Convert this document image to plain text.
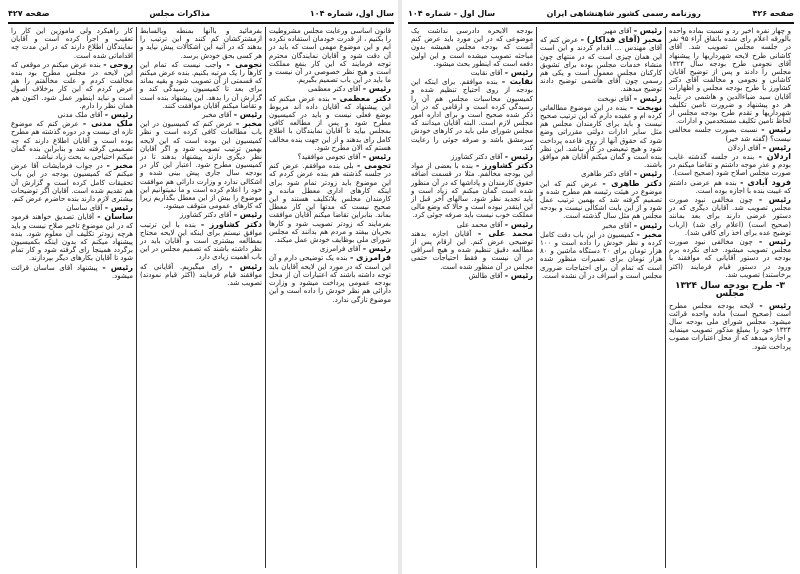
صفحه ۴۲۷	مذاکرات مجلس	سال اول، شماره ۱۰۴

قانون اساسی ورعایت مجلس مشروطیت را بکنیم ، از قدرت خودمان استفاده نکرده ایم و این موضوع مهمی است که باید در آن دقت شود و آقایان نمایندگان محترم توجه فرمایند که این کار بنفع مملکت است و هیچ نظر خصوصی در آن نیست و ما باید در این باب تصمیم بگیریم.

رئیس - آقای دکتر معظمی

دکتر معظمی - بنده عرض میکنم که این پیشنهاد که آقایان داده اند مربوط بوضع فعلی نیست و باید در کمیسیون مطرح شود و پس از مطالعه کافی بمجلس بیاید تا آقایان نمایندگان با اطلاع کامل رای بدهند و از این جهت بنده مخالف هستم که الان مطرح شود.

رئیس - آقای تجومی موافقید؟

تجومی - بلی بنده موافقم. عرض کنم در جلسه گذشته هم بنده عرض کردم که این موضوع باید زودتر تمام شود برای اینکه کارهای اداری معطل مانده و کارمندان مجلس بلاتکلیف هستند و این صحیح نیست که مدتها این کار معطل بماند. بنابراین تقاضا میکنم آقایان موافقت بفرمایند که زودتر تصویب شود و کارها بجریان بیفتد و مردم هم بدانند که مجلس شورای ملی بوظایف خودش عمل میکند.

رئیس - آقای فرامرزی

فرامرزی - بنده یک توضیحی دارم و آن این است که در مورد این لایحه آقایان باید توجه داشته باشند که اعتبارات آن از محل بودجه عمومی پرداخت میشود و وزارت دارائی هم نظر خودش را داده است و این موضوع تازگی ندارد.

بفرمائید و باآنها بمنطه وبالسابط ازمشترکشان کم کنند و این ترتیب را بدهند که در آتیه این اشکالات پیش نیاید و هر کسی بحق خودش برسد.

نجومی - واجب نیست که تمام این کارها را یک مرتبه بکنیم. بنده عرض میکنم که قسمتی از آن تصویب شود و بقیه بماند برای بعد تا کمیسیون رسیدگی کند و گزارش آن را بدهد. این پیشنهاد بنده است و تقاضا میکنم آقایان موافقت کنند.

رئیس - آقای مخبر

مخبر - عرض کنم که کمیسیون در این باب مطالعات کافی کرده است و نظر کمیسیون این بوده است که این لایحه بهمین ترتیب تصویب شود و اگر آقایان نظر دیگری دارند پیشنهاد بدهند تا در کمیسیون مطرح شود. اعتبار این کار در بودجه سال جاری پیش بینی شده و اشکالی ندارد و وزارت دارائی هم موافقت خود را اعلام کرده است و ما نمیتوانیم این موضوع را بیش از این معطل بگذاریم زیرا که کارهای عمومی متوقف میشود.

رئیس - آقای دکتر کشاورز

دکتر کشاورز - بنده با این ترتیب موافق نیستم برای اینکه این لایحه محتاج بمطالعه بیشتری است و آقایان باید در نظر داشته باشند که تصمیم مجلس در این باب اهمیت زیادی دارد.

رئیس - رای میگیریم. آقایانی که موافقند قیام فرمایند (اکثر قیام نمودند) تصویب شد.

کار راهبکرد ولی ماموزین این کار را تعقیب و اجرا کرده است و آقایان نمایندگان اطلاع دارند که در این مدت چه اقداماتی شده است.

روحی - بنده عرض میکنم در موقعی که این لایحه در مجلس مطرح بود بنده مخالفت کردم و علت مخالفتم را هم عرض کردم که این کار برخلاف اصول است و نباید اینطور عمل شود. اکنون هم همان نظر را دارم.

رئیس - آقای ملک مدنی

ملک مدنی - عرض کنم که موضوع تازه ای نیست و در دوره گذشته هم مطرح بوده است و آقایان اطلاع دارند که چه تصمیمی گرفته شد و بنابراین بنده گمان میکنم احتیاجی به بحث زیاد نباشد.

مخبر - در جواب فرمایشات آقا عرض میکنم که کمیسیون بودجه در این باب تحقیقات کامل کرده است و گزارش آن هم تقدیم شده است. آقایان اگر توضیحات بیشتری لازم دارند بنده حاضرم عرض کنم.

رئیس - آقای ساسان

ساسان - آقایان تصدیق خواهند فرمود که در این موضوع تاخیر صلاح نیست و باید هرچه زودتر تکلیف آن معلوم شود. بنده پیشنهاد میکنم که بدون اینکه بکمیسیون برگردد همینجا رای گرفته شود و کار تمام شود تا آقایان بکارهای دیگر بپردازند.

رئیس - پیشنهاد آقای ساسان قرائت میشود.

صفحه ۴۲۶
روزنامه رسمی کشور شاهنشاهی ایران
سال اول - شماره ۱۰۴

و چهار نفره اخیر رد و نسبت بماده واحده بالورقه اعلام رای شده باتفاق آراء ۹۵ نفر در جلسه مجلس تصویب شد. آقای کاشانی طرح لایحه شهرداریها را پیشنهاد آقای نجومی طرح بودجه سال ۱۳۲۴ مجلس را دادند و پس از توضیح آقایان کاشانی و نجومی و مخالفت آقای دکتر کشاورز با طرح بودجه مجلس و اظهارات آقایان سید ضیاءالدین و هاشمی در تایید هر دو پیشنهاد و ضرورت تامین تکلیف شهرداریها و تقدم طرح بودجه مجلس از لحاظ تامین تکلیف مستخدمین و ادارات.

رئیس - نسبت بصورت جلسه مخالفی نیست؟ (گفته شد خیر)

رئیس - آقای اردلان

اردلان - بنده در جلسه گذشته غایب بودم و عذر موجه داشتم و تقاضا میکنم در صورت مجلس اصلاح شود (صحیح است).

فرود آبادی - بنده هم عرضی داشتم که غیبت بنده با اجازه بوده است.

رئیس - چون مخالفی نبود صورت مجلس تصویب شد. آقایان دیگری که در دستور عرضی دارند برای بعد بمانند (صحیح است) (اعلام رای شد) (ارباب توضیح عده برای اخذ رای کافی شد).

رئیس - چون مخالفی نبود صورت مجلس تصویب میشود. خدای نکرده برم بودجه در دستور آقایانی که موافقند با ورود در دستور قیام فرمایند (اکثر برخاستند) تصویب شد.

۳- طرح بودجه سال ۱۳۲۴ مجلس

رئیس - لایحه بودجه مجلس مطرح است (صحیح است) ماده واحده قرائت میشود. مجلس شورای ملی بودجه سال ۱۳۲۴ خود را بمبلغ مذکور تصویب مینماید و اجازه میدهد که از محل اعتبارات مصوب پرداخت شود.

رئیس - آقای مهیر

مخبر (آقای فداکار) - عرض کنم که آقای مهندس ... اقدام کردند و این است این همان چیزی است که در منتهای چون منشاء خدمات مجلس بوده برای تشویق کارکنان مجلس معمول است و یکی هم رسمی چون آقای هاشمی توضیح دادند توضیح میدهند.

رئیس - آقای نوبخت

نوبخت - بنده در این موضوع مطالعاتی کرده ام و عقیده دارم که این ترتیب صحیح نیست و باید برای کارمندان مجلس هم مثل سایر ادارات دولتی مقرراتی وضع شود که حقوق آنها از روی قاعده پرداخت شود و هیچ تبعیضی در کار نباشد. این نظر بنده است و گمان میکنم آقایان هم موافق باشند.

رئیس - آقای دکتر طاهری

دکتر طاهری - عرض کنم که این موضوع در هیئت رئیسه هم مطرح شده و تصمیم گرفته شد که بهمین ترتیب عمل شود و از این بابت اشکالی نیست و بودجه مجلس هم مثل سال گذشته است.

رئیس - آقای مخبر

مخبر - کمیسیون در این باب دقت کامل کرده و نظر خودش را داده است و ۱۰۰ هزار تومان برای ۲۰ دستگاه ماشین و ۸۰ هزار تومان برای تعمیرات منظور شده است که تمام آن برای احتیاجات ضروری مجلس است و اسراف در آن نشده است.

بودجه الابحره دادرسی نداشت یک موضوعی که در این مورد باید عرض کنم آنست که بودجه مجلس همیشه بدون مباحثه تصویب میشده است و این اولین دفعه است که اینطور بحث میشود.

رئیس - آقای نقابت

نقابت - بنده موافقم. برای اینکه این بودجه از روی احتیاج تنظیم شده و کمیسیون محاسبات مجلس هم آن را رسیدگی کرده است و ارقامی که در آن ذکر شده صحیح است و برای اداره امور مجلس لازم است. البته آقایان میدانند که مجلس شورای ملی باید در کارهای خودش سرمشق باشد و صرفه جوئی را رعایت کند.

رئیس - آقای دکتر کشاورز

دکتر کشاورز - بنده با بعضی از مواد این بودجه مخالفم. مثلا در قسمت اضافه حقوق کارمندان و پاداشها که در آن منظور شده است گمان میکنم که زیاد است و باید تجدید نظر شود. سالهای آخر قبل از این اینقدر نبوده است و حالا که وضع مالی مملکت خوب نیست باید صرفه جوئی کرد.

رئیس - آقای محمد علی

محمد علی - آقایان اجازه بدهند توضیحی عرض کنم. این ارقام پس از مطالعه دقیق تنظیم شده و هیچ اسرافی در آن نیست و فقط احتیاجات حتمی مجلس در آن منظور شده است.

رئیس - آقای طالش
